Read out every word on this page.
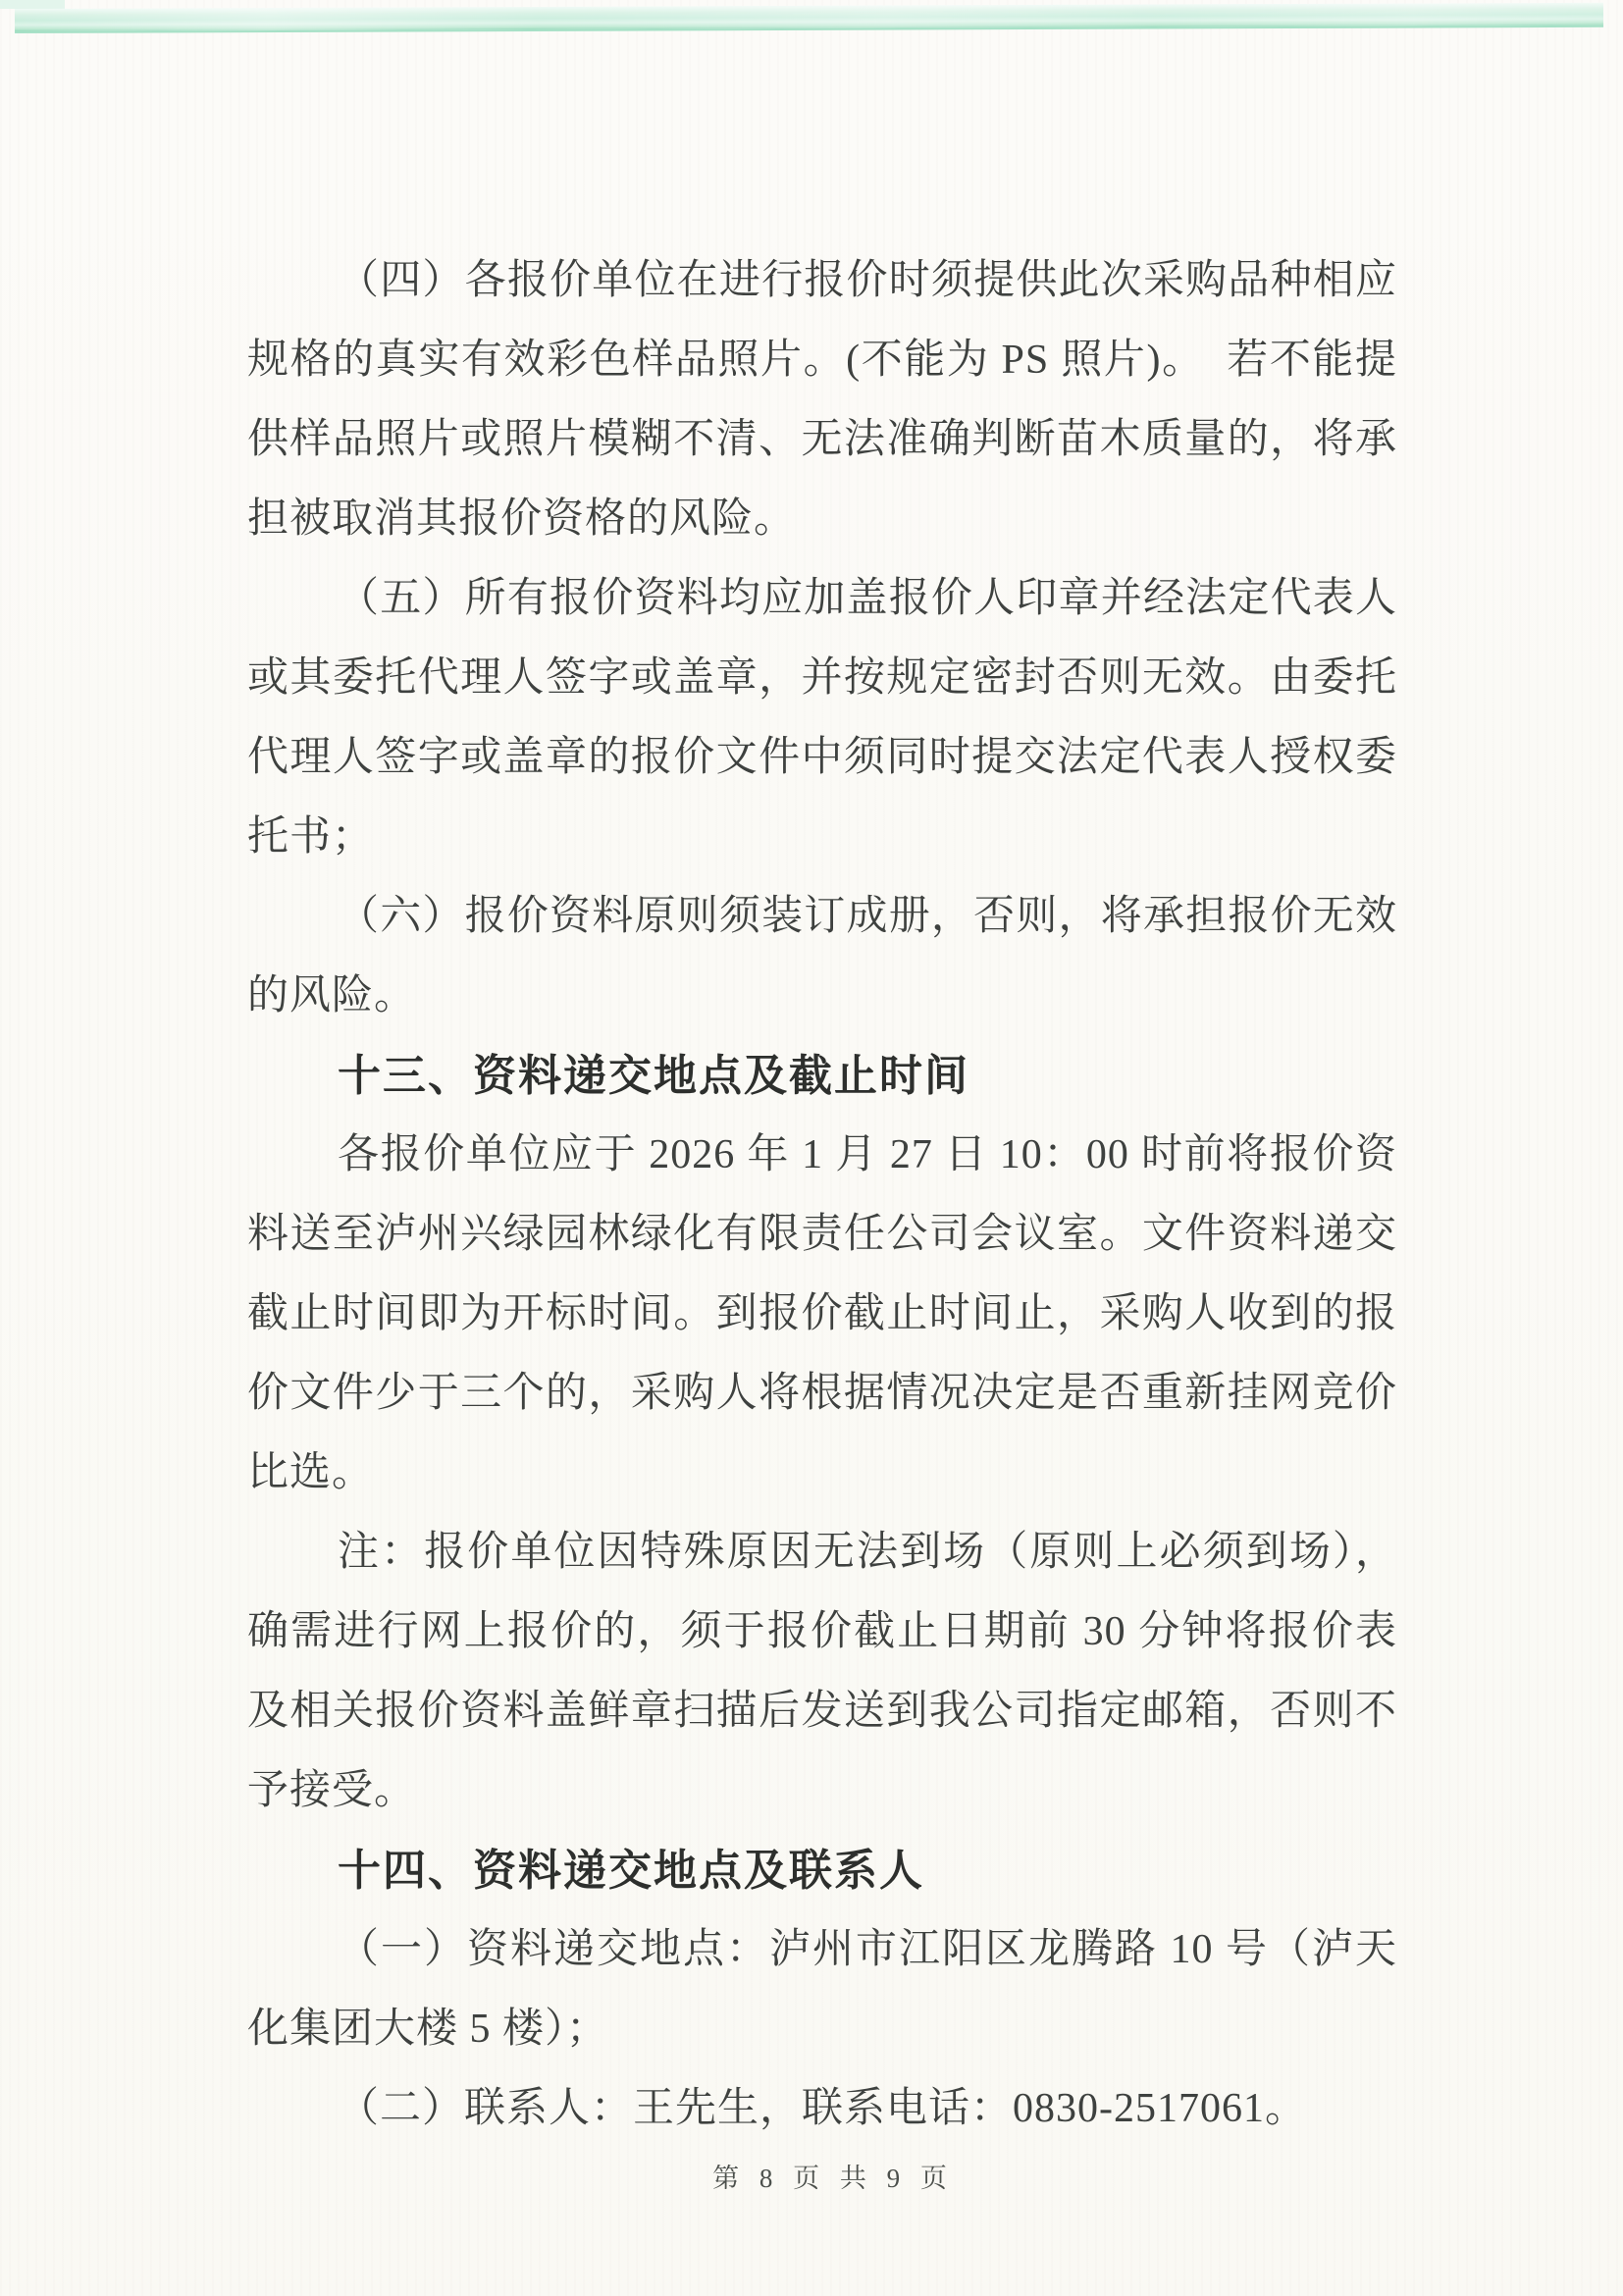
（四）各报价单位在进行报价时须提供此次采购品种相应规格的真实有效彩色样品照片。(不能为 PS 照片)。　若不能提供样品照片或照片模糊不清、无法准确判断苗木质量的，将承担被取消其报价资格的风险。

（五）所有报价资料均应加盖报价人印章并经法定代表人或其委托代理人签字或盖章，并按规定密封否则无效。由委托代理人签字或盖章的报价文件中须同时提交法定代表人授权委托书；

（六）报价资料原则须装订成册，否则，将承担报价无效的风险。

十三、资料递交地点及截止时间

各报价单位应于 2026 年 1 月 27 日 10：00 时前将报价资料送至泸州兴绿园林绿化有限责任公司会议室。文件资料递交截止时间即为开标时间。到报价截止时间止，采购人收到的报价文件少于三个的，采购人将根据情况决定是否重新挂网竞价比选。

注：报价单位因特殊原因无法到场（原则上必须到场），确需进行网上报价的，须于报价截止日期前 30 分钟将报价表及相关报价资料盖鲜章扫描后发送到我公司指定邮箱，否则不予接受。

十四、资料递交地点及联系人

（一）资料递交地点：泸州市江阳区龙腾路 10 号（泸天化集团大楼 5 楼）；

（二）联系人：王先生，联系电话：0830-2517061。

第 8 页 共 9 页
